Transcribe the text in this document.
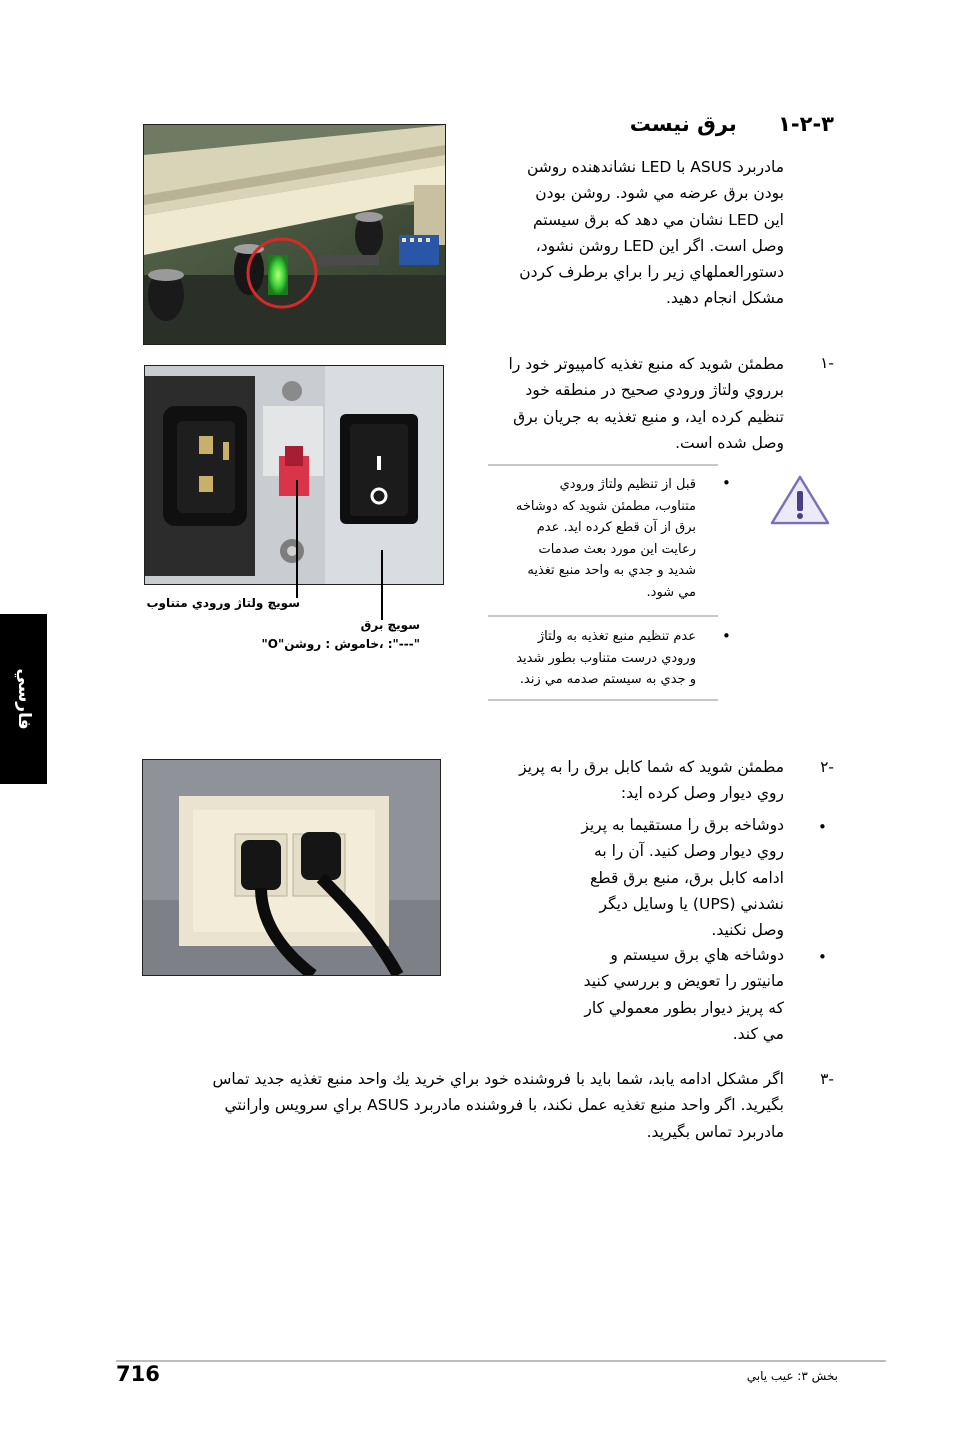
۱-۲-۳ برق نيست
مادربرد ASUS با LED نشاندهنده روشن
بودن برق عرضه مي شود. روشن بودن
اين LED نشان مي دهد كه برق سيستم
وصل است. اگر اين LED روشن نشود،
دستورالعملهاي زير را براي برطرف كردن
مشكل انجام دهيد.
۱-
مطمئن شويد كه منبع تغذيه كامپيوتر خود را
برروي ولتاژ ورودي صحيح در منطقه خود
تنظيم كرده ايد، و منبع تغذيه به جريان برق
وصل شده است.
سويچ ولتاژ ورودي متناوب
سويچ برق
"O"خاموش : روشن، :"---"
•
قبل از تنظيم ولتاژ ورودي
متناوب، مطمئن شويد كه دوشاخه
برق از آن قطع كرده ايد. عدم
رعايت اين مورد بعث صدمات
شديد و جدي به واحد منبع تغذيه
مي شود.
•
عدم تنظيم منبع تغذيه به ولتاژ
ورودي درست متناوب بطور شديد
و جدي به سيستم صدمه مي زند.
فارسي
۲-
مطمئن شويد كه شما كابل برق را به پريز
روي ديوار وصل كرده ايد:
•
دوشاخه برق را مستقيما به پريز
روي ديوار وصل كنيد. آن را به
ادامه كابل برق، منبع برق قطع
نشدني (UPS) يا وسايل ديگر
وصل نكنيد.
•
دوشاخه هاي برق سيستم و
مانيتور را تعويض و بررسي كنيد
كه پريز ديوار بطور معمولي كار
مي كند.
۳-
اگر مشكل ادامه يابد، شما بايد با فروشنده خود براي خريد يك واحد منبع تغذيه جديد تماس
بگيريد. اگر واحد منبع تغذيه عمل نكند، با فروشنده مادربرد ASUS براي سرويس وارانتي
مادربرد تماس بگيريد.
716	بخش ۳: عيب يابي
